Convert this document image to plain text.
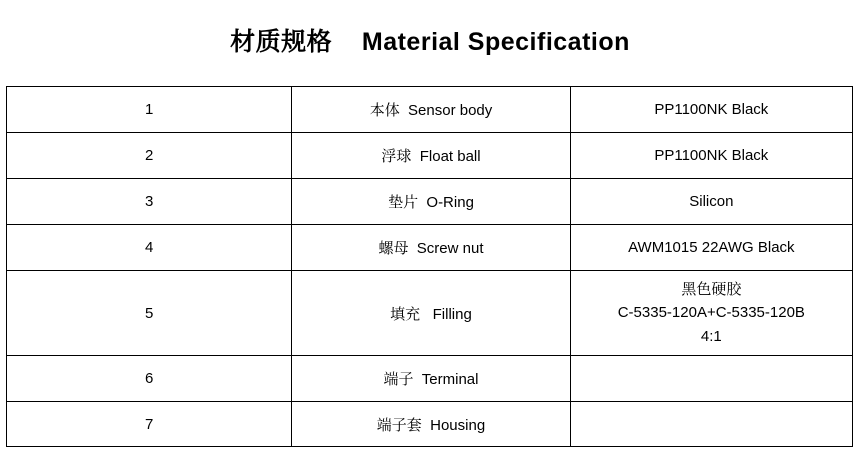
材质规格    Material Specification
1	本体  Sensor body	PP1100NK Black
2	浮球  Float ball	PP1100NK Black
3	垫片  O-Ring	Silicon
4	螺母  Screw nut	AWM1015 22AWG Black
5	填充   Filling	黑色硬胶
C-5335-120A+C-5335-120B
4:1

6	端子  Terminal	
7	端子套  Housing	
